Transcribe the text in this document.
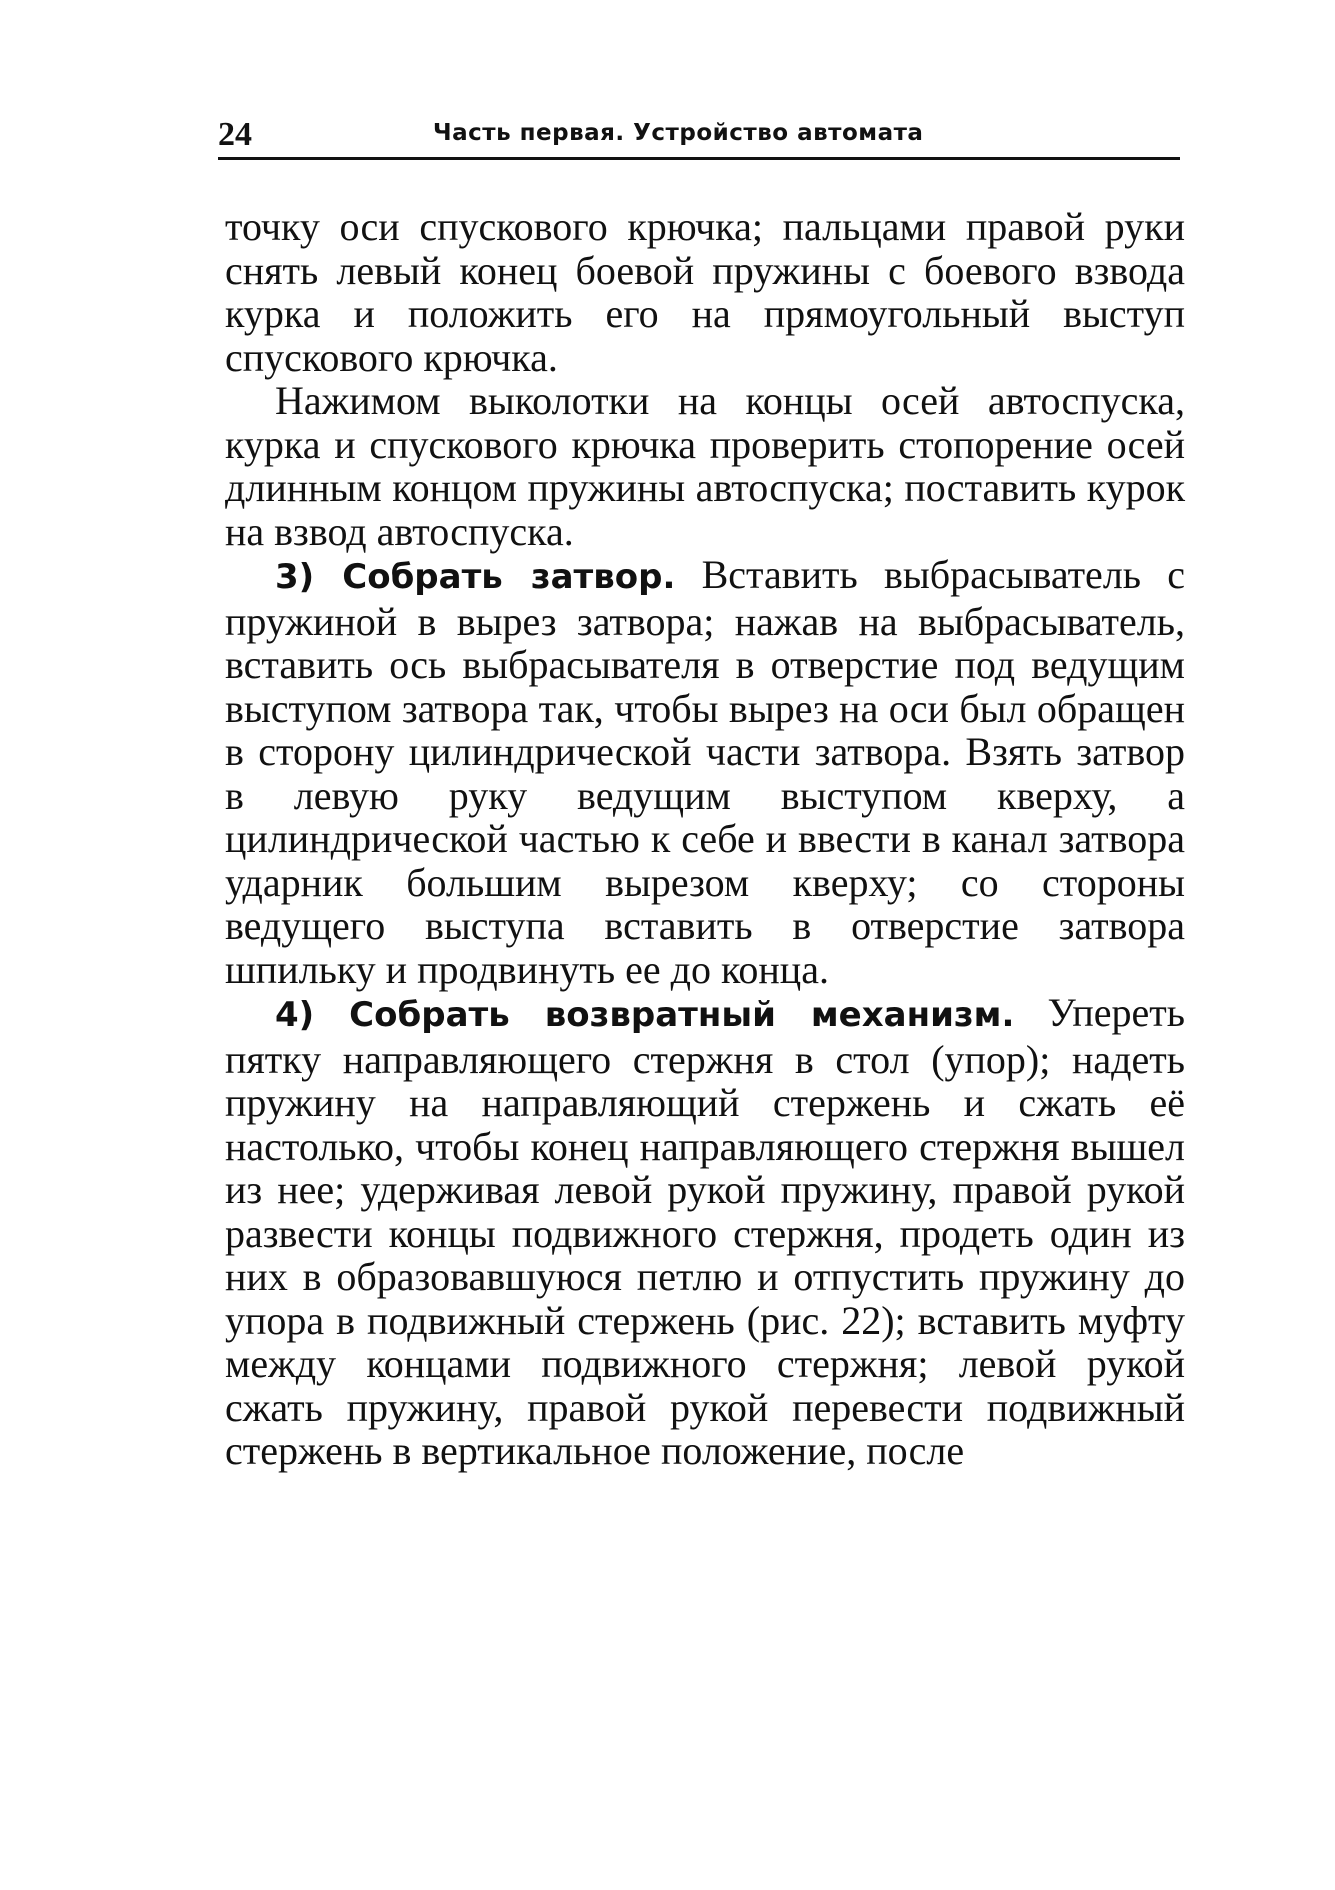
24	Часть первая. Устройство автомата

точку оси спускового крючка; пальцами правой руки снять левый конец боевой пружины с боевого взвода курка и положить его на прямоугольный выступ спускового крючка.

Нажимом выколотки на концы осей автоспуска, курка и спускового крючка проверить стопорение осей длинным концом пружины автоспуска; поставить курок на взвод автоспуска.

3) Собрать затвор. Вставить выбрасыватель с пружиной в вырез затвора; нажав на выбрасыватель, вставить ось выбрасывателя в отверстие под ведущим выступом затвора так, чтобы вырез на оси был обращен в сторону цилиндрической части затвора. Взять затвор в левую руку ведущим выступом кверху, а цилиндрической частью к себе и ввести в канал затвора ударник большим вырезом кверху; со стороны ведущего выступа вставить в отверстие затвора шпильку и продвинуть ее до конца.

4) Собрать возвратный механизм. Упереть пятку направляющего стержня в стол (упор); надеть пружину на направляющий стержень и сжать её настолько, чтобы конец направляющего стержня вышел из нее; удерживая левой рукой пружину, правой рукой развести концы подвижного стержня, продеть один из них в образовавшуюся петлю и отпустить пружину до упора в подвижный стержень (рис. 22); вставить муфту между концами подвижного стержня; левой рукой сжать пружину, правой рукой перевести подвижный стержень в вертикальное положение, после
